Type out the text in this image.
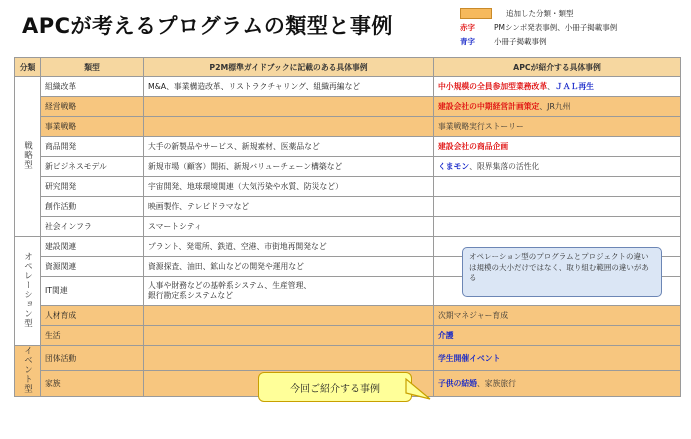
APCが考えるプログラムの類型と事例
追加した分類・類型
赤字	PMシンポ発表事例、小冊子掲載事例
青字	小冊子掲載事例
分類	類型	P2M標準ガイドブックに記載のある具体事例	APCが紹介する具体事例
戦略型	組織改革	M&A、事業構造改革、リストラクチャリング、組織再編など	中小規模の全員参加型業務改革、ＪＡＬ再生
	経営戦略		建設会社の中期経営計画策定、JR九州
	事業戦略		事業戦略実行ストーリー
	商品開発	大手の新製品やサービス、新規素材、医薬品など	建設会社の商品企画
	新ビジネスモデル	新規市場（顧客）開拓、新規バリューチェーン構築など	くまモン、限界集落の活性化
	研究開発	宇宙開発、地球環境関連（大気汚染や水質、防災など）	
	創作活動	映画製作、テレビドラマなど	
	社会インフラ	スマートシティ	
オペレーション型	建設関連	プラント、発電所、鉄道、空港、市街地再開発など	
	資源関連	資源探査、油田、鉱山などの開発や運用など	
	IT関連	人事や財務などの基幹系システム、生産管理、
銀行勘定系システムなど	

	人材育成		次期マネジャー育成
	生活		介護
イベント型	団体活動		学生開催イベント
	家族		子供の結婚、家族旅行
オペレーション型のプログラムとプロジェクトの違いは規模の大小だけではなく、取り組む範囲の違いがある
今回ご紹介する事例
